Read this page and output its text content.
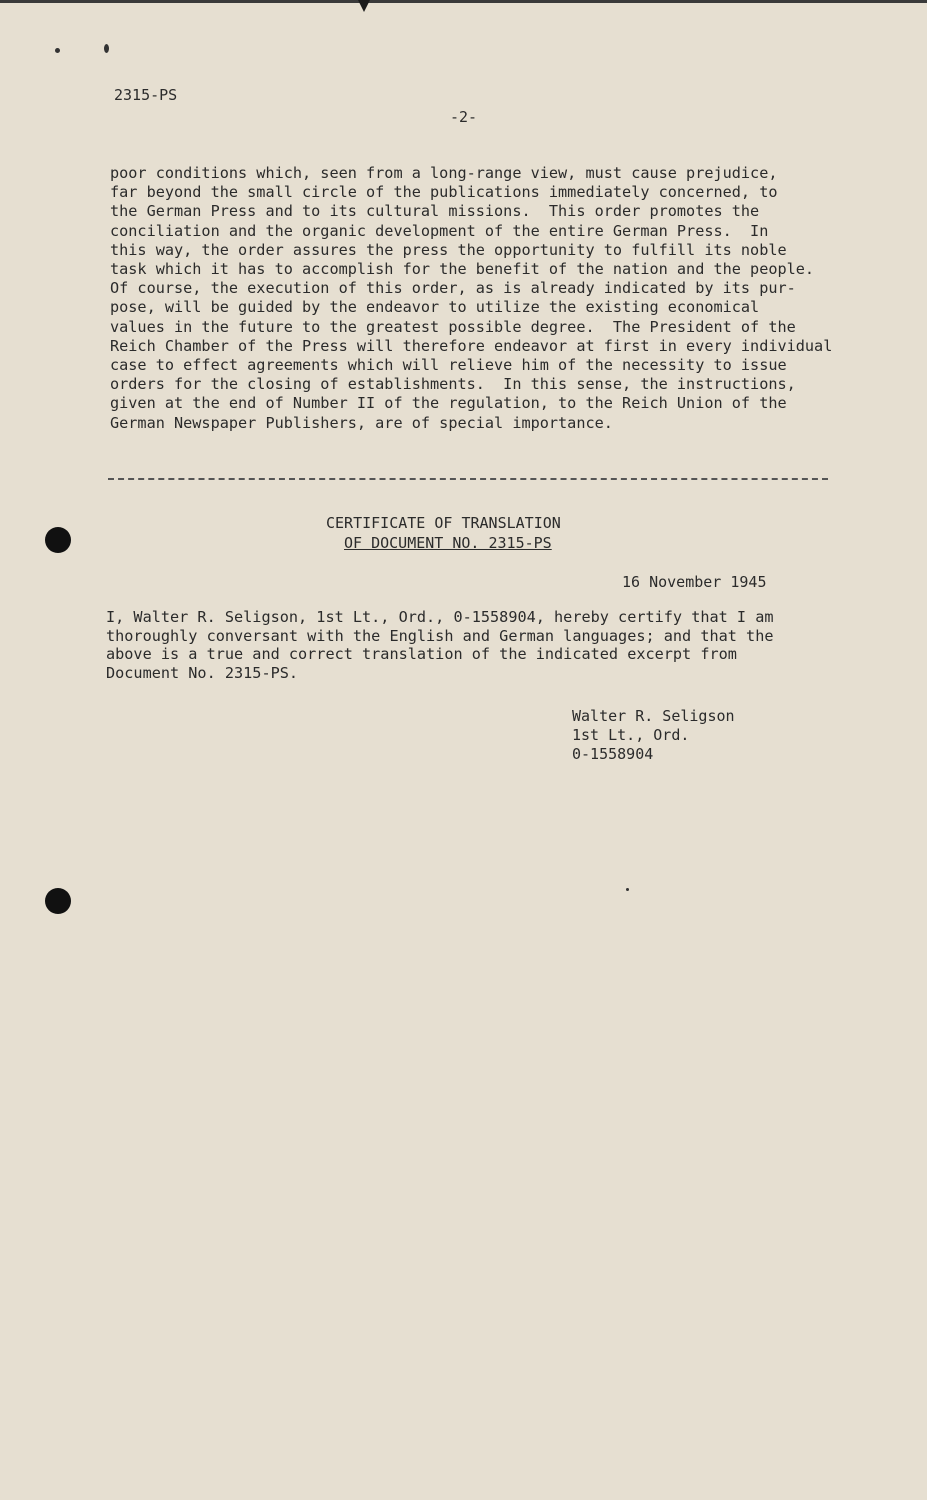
2315-PS
-2-
poor conditions which, seen from a long-range view, must cause prejudice,
far beyond the small circle of the publications immediately concerned, to
the German Press and to its cultural missions.  This order promotes the
conciliation and the organic development of the entire German Press.  In
this way, the order assures the press the opportunity to fulfill its noble
task which it has to accomplish for the benefit of the nation and the people.
Of course, the execution of this order, as is already indicated by its pur-
pose, will be guided by the endeavor to utilize the existing economical
values in the future to the greatest possible degree.  The President of the
Reich Chamber of the Press will therefore endeavor at first in every individual
case to effect agreements which will relieve him of the necessity to issue
orders for the closing of establishments.  In this sense, the instructions,
given at the end of Number II of the regulation, to the Reich Union of the
German Newspaper Publishers, are of special importance.
CERTIFICATE OF TRANSLATION
OF DOCUMENT NO. 2315-PS
16 November 1945
I, Walter R. Seligson, 1st Lt., Ord., 0-1558904, hereby certify that I am
thoroughly conversant with the English and German languages; and that the
above is a true and correct translation of the indicated excerpt from
Document No. 2315-PS.
Walter R. Seligson
1st Lt., Ord.
0-1558904
